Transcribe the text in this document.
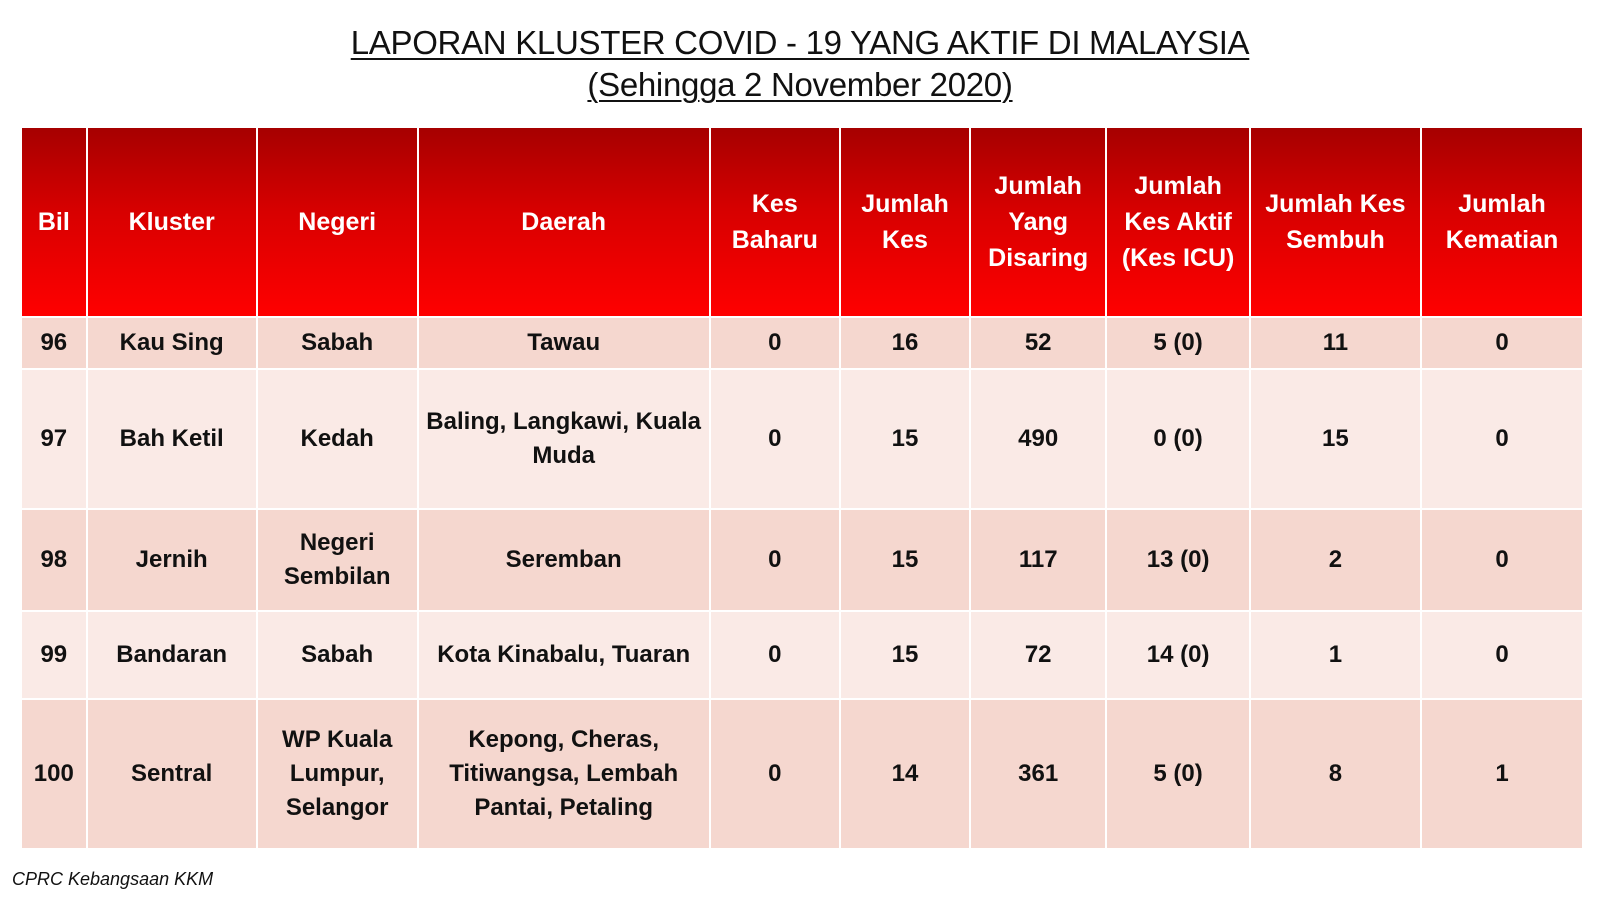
LAPORAN KLUSTER COVID - 19 YANG AKTIF DI MALAYSIA
(Sehingga 2 November 2020)
Bil	Kluster	Negeri	Daerah	Kes Baharu	Jumlah Kes	Jumlah Yang Disaring	Jumlah Kes Aktif (Kes ICU)	Jumlah Kes Sembuh	Jumlah Kematian
96	Kau Sing	Sabah	Tawau	0	16	52	5 (0)	11	0
97	Bah Ketil	Kedah	Baling, Langkawi, Kuala Muda	0	15	490	0 (0)	15	0
98	Jernih	Negeri Sembilan	Seremban	0	15	117	13 (0)	2	0
99	Bandaran	Sabah	Kota Kinabalu, Tuaran	0	15	72	14 (0)	1	0
100	Sentral	WP Kuala Lumpur, Selangor	Kepong, Cheras, Titiwangsa, Lembah Pantai, Petaling	0	14	361	5 (0)	8	1
CPRC Kebangsaan KKM
